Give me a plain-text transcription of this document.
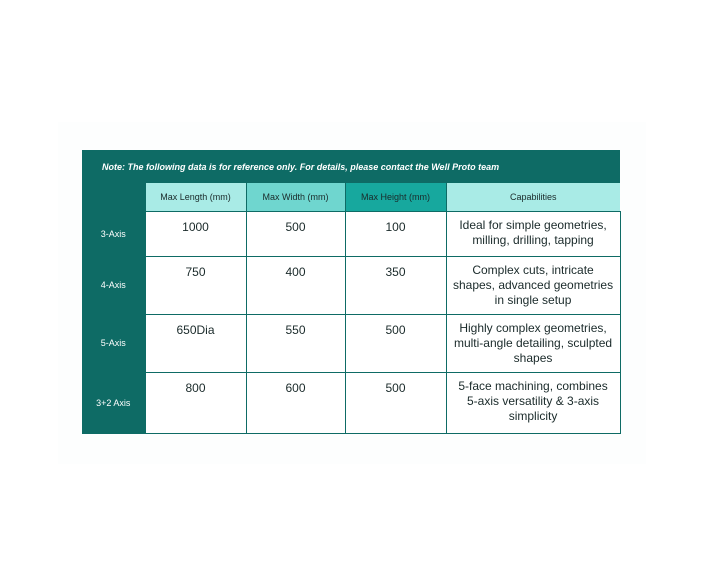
Note: The following data is for reference only. For details, please contact the Well Proto team				
	Max Length (mm)	Max Width (mm)	Max Height (mm)	Capabilities
3-Axis	1000	500	100	Ideal for simple geometries, milling, drilling, tapping
4-Axis	750	400	350	Complex cuts, intricate shapes, advanced geometries in single setup
5-Axis	650Dia	550	500	Highly complex geometries, multi-angle detailing, sculpted shapes
3+2 Axis	800	600	500	5-face machining, combines 5-axis versatility & 3-axis simplicity
